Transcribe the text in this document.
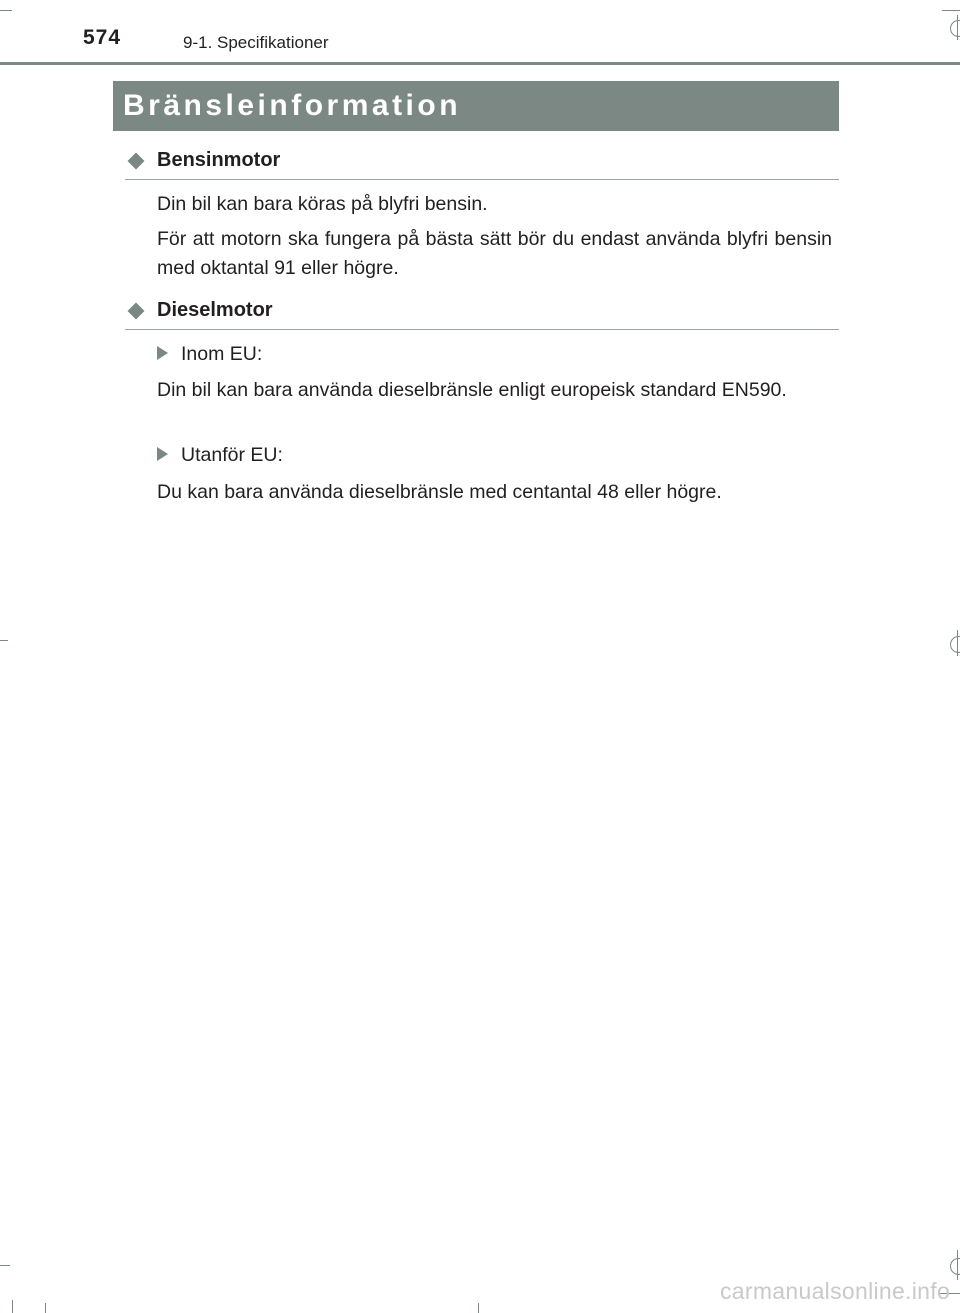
574	9-1. Specifikationer
Bränsleinformation
Bensinmotor
Din bil kan bara köras på blyfri bensin.
För att motorn ska fungera på bästa sätt bör du endast använda blyfri bensin med oktantal 91 eller högre.
Dieselmotor
Inom EU:
Din bil kan bara använda dieselbränsle enligt europeisk standard EN590.
Utanför EU:
Du kan bara använda dieselbränsle med centantal 48 eller högre.
carmanualsonline.info
